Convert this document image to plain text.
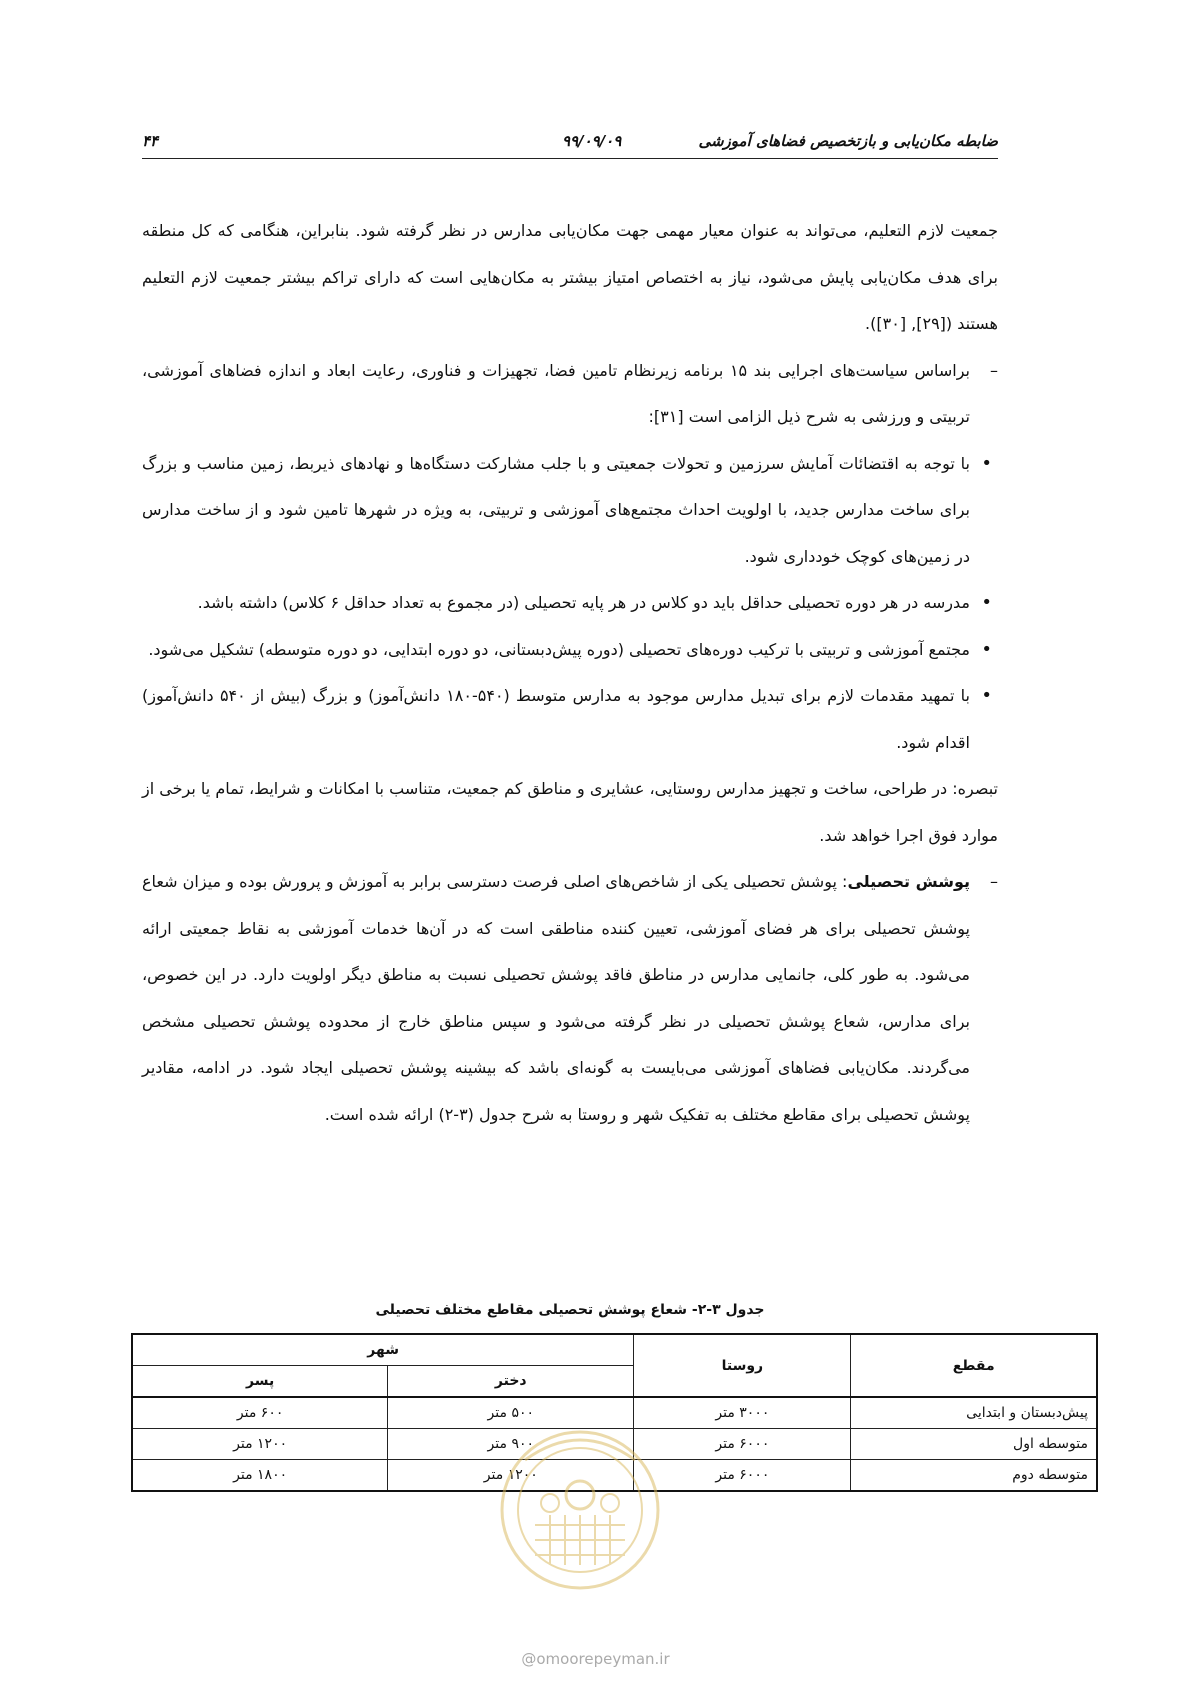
ضابطه مکان‌یابی و بازتخصیص فضاهای آموزشی
۹۹/۰۹/۰۹
۴۴

جمعیت لازم التعلیم، می‌تواند به عنوان معیار مهمی جهت مکان‌یابی مدارس در نظر گرفته شود. بنابراین، هنگامی که کل منطقه برای هدف مکان‌یابی پایش می‌شود، نیاز به اختصاص امتیاز بیشتر به مکان‌هایی است که دارای تراکم بیشتر جمعیت لازم التعلیم هستند ([۲۹], [۳۰]).

– براساس سیاست‌های اجرایی بند ۱۵ برنامه زیرنظام تامین فضا، تجهیزات و فناوری، رعایت ابعاد و اندازه فضاهای آموزشی، تربیتی و ورزشی به شرح ذیل الزامی است [۳۱]:

• با توجه به اقتضائات آمایش سرزمین و تحولات جمعیتی و با جلب مشارکت دستگاه‌ها و نهادهای ذیربط، زمین مناسب و بزرگ برای ساخت مدارس جدید، با اولویت احداث مجتمع‌های آموزشی و تربیتی، به ویژه در شهرها تامین شود و از ساخت مدارس در زمین‌های کوچک خودداری شود.

• مدرسه در هر دوره تحصیلی حداقل باید دو کلاس در هر پایه تحصیلی (در مجموع به تعداد حداقل ۶ کلاس) داشته باشد.

• مجتمع آموزشی و تربیتی با ترکیب دوره‌های تحصیلی (دوره پیش‌دبستانی، دو دوره ابتدایی، دو دوره متوسطه) تشکیل می‌شود.

• با تمهید مقدمات لازم برای تبدیل مدارس موجود به مدارس متوسط (۵۴۰-۱۸۰ دانش‌آموز) و بزرگ (بیش از ۵۴۰ دانش‌آموز) اقدام شود.

تبصره: در طراحی، ساخت و تجهیز مدارس روستایی، عشایری و مناطق کم جمعیت، متناسب با امکانات و شرایط، تمام یا برخی از موارد فوق اجرا خواهد شد.

– پوشش تحصیلی: پوشش تحصیلی یکی از شاخص‌های اصلی فرصت دسترسی برابر به آموزش و پرورش بوده و میزان شعاع پوشش تحصیلی برای هر فضای آموزشی، تعیین کننده مناطقی است که در آن‌ها خدمات آموزشی به نقاط جمعیتی ارائه می‌شود. به طور کلی، جانمایی مدارس در مناطق فاقد پوشش تحصیلی نسبت به مناطق دیگر اولویت دارد. در این خصوص، برای مدارس، شعاع پوشش تحصیلی در نظر گرفته می‌شود و سپس مناطق خارج از محدوده پوشش تحصیلی مشخص می‌گردند. مکان‌یابی فضاهای آموزشی می‌بایست به گونه‌ای باشد که بیشینه پوشش تحصیلی ایجاد شود. در ادامه، مقادیر پوشش تحصیلی برای مقاطع مختلف به تفکیک شهر و روستا به شرح جدول (۳-۲) ارائه شده است.

جدول ۳-۲- شعاع پوشش تحصیلی مقاطع مختلف تحصیلی
مقطع	روستا	شهر	
		دختر	پسر
پیش‌دبستان و ابتدایی	۳۰۰۰ متر	۵۰۰ متر	۶۰۰ متر
متوسطه اول	۶۰۰۰ متر	۹۰۰ متر	۱۲۰۰ متر
متوسطه دوم	۶۰۰۰ متر	۱۲۰۰ متر	۱۸۰۰ متر
@omoorepeyman.ir
